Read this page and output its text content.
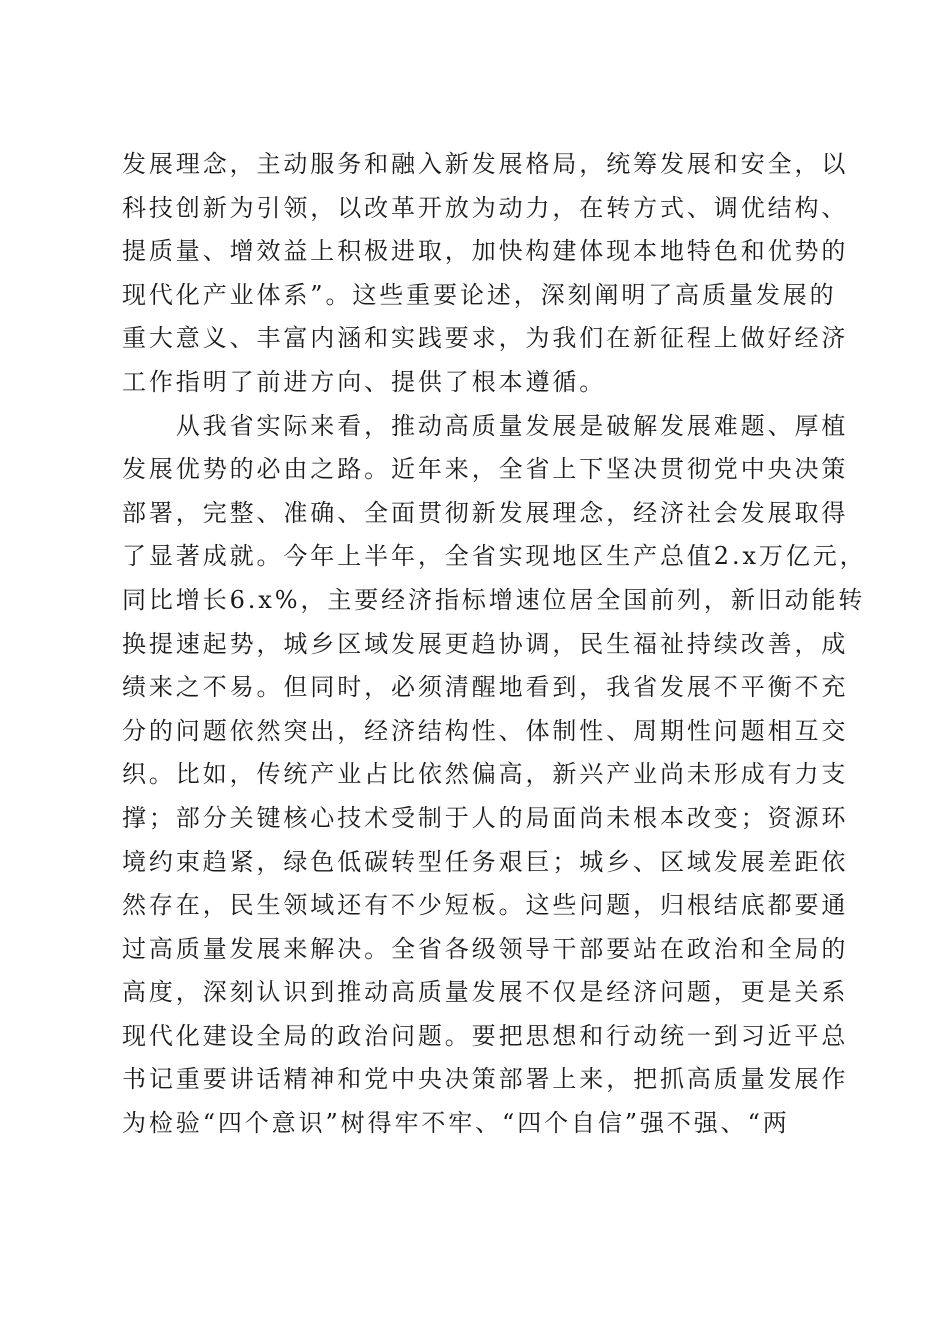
发展理念，主动服务和融入新发展格局，统筹发展和安全，以
科技创新为引领，以改革开放为动力，在转方式、调优结构、
提质量、增效益上积极进取，加快构建体现本地特色和优势的
现代化产业体系”。这些重要论述，深刻阐明了高质量发展的
重大意义、丰富内涵和实践要求，为我们在新征程上做好经济
工作指明了前进方向、提供了根本遵循。
　　从我省实际来看，推动高质量发展是破解发展难题、厚植
发展优势的必由之路。近年来，全省上下坚决贯彻党中央决策
部署，完整、准确、全面贯彻新发展理念，经济社会发展取得
了显著成就。今年上半年，全省实现地区生产总值2.x万亿元，
同比增长6.x%，主要经济指标增速位居全国前列，新旧动能转
换提速起势，城乡区域发展更趋协调，民生福祉持续改善，成
绩来之不易。但同时，必须清醒地看到，我省发展不平衡不充
分的问题依然突出，经济结构性、体制性、周期性问题相互交
织。比如，传统产业占比依然偏高，新兴产业尚未形成有力支
撑；部分关键核心技术受制于人的局面尚未根本改变；资源环
境约束趋紧，绿色低碳转型任务艰巨；城乡、区域发展差距依
然存在，民生领域还有不少短板。这些问题，归根结底都要通
过高质量发展来解决。全省各级领导干部要站在政治和全局的
高度，深刻认识到推动高质量发展不仅是经济问题，更是关系
现代化建设全局的政治问题。要把思想和行动统一到习近平总
书记重要讲话精神和党中央决策部署上来，把抓高质量发展作
为检验“四个意识”树得牢不牢、“四个自信”强不强、“两
